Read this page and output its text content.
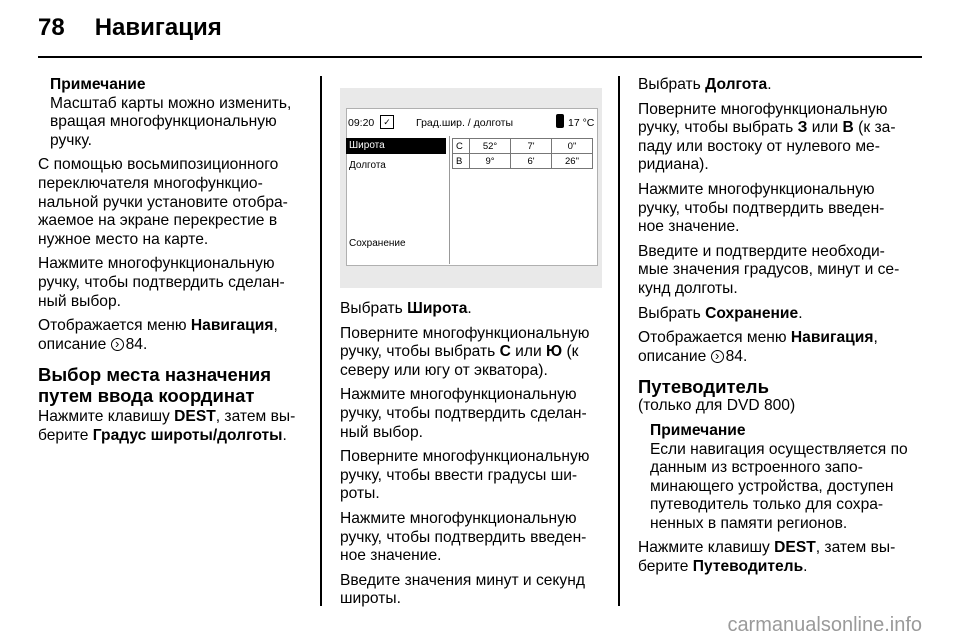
78 Навигация

Примечание

Масштаб карты можно изменить, вращая многофункциональную ручку.

С помощью восьмипозиционного переключателя многофункцио-нальной ручки установите отобра-жаемое на экране перекрестие в нужное место на карте.

Нажмите многофункциональную ручку, чтобы подтвердить сделан-ный выбор.

Отображается меню Навигация, описание › 84.

Выбор места назначения путем ввода координат

Нажмите клавишу DEST, затем вы-берите Градус широты/долготы.

09:20 ✓	Град.шир. / долготы	17 °C
Широта
Долгота
Сохранение
С	52°	7'	0"
В	9°	6'	26"

Выбрать Широта.

Поверните многофункциональную ручку, чтобы выбрать С или Ю (к северу или югу от экватора).

Нажмите многофункциональную ручку, чтобы подтвердить сделан-ный выбор.

Поверните многофункциональную ручку, чтобы ввести градусы ши-роты.

Нажмите многофункциональную ручку, чтобы подтвердить введен-ное значение.

Введите значения минут и секунд широты.

Выбрать Долгота.

Поверните многофункциональную ручку, чтобы выбрать З или В (к за-паду или востоку от нулевого ме-ридиана).

Нажмите многофункциональную ручку, чтобы подтвердить введен-ное значение.

Введите и подтвердите необходи-мые значения градусов, минут и се-кунд долготы.

Выбрать Сохранение.

Отображается меню Навигация, описание › 84.

Путеводитель

(только для DVD 800)

Примечание

Если навигация осуществляется по данным из встроенного запо-минающего устройства, доступен путеводитель только для сохра-ненных в памяти регионов.

Нажмите клавишу DEST, затем вы-берите Путеводитель.

carmanualsonline.info
